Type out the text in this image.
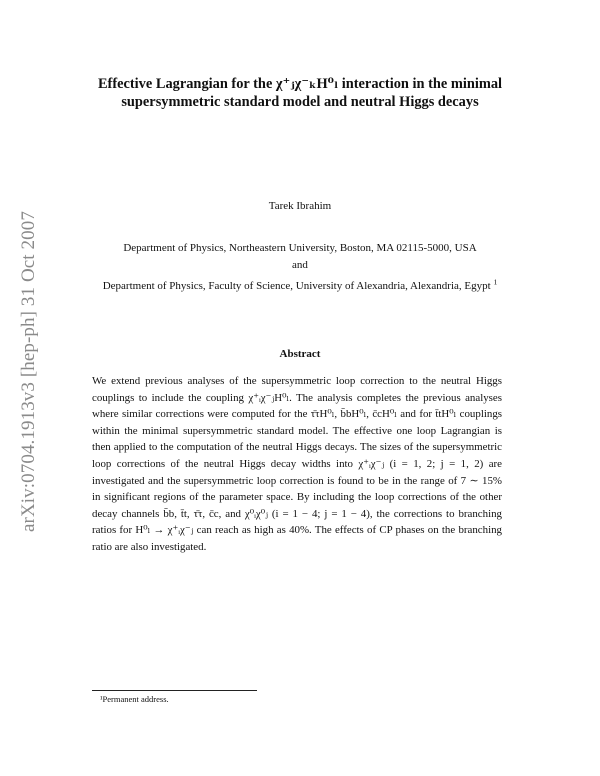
arXiv:0704.1913v3 [hep-ph] 31 Oct 2007
Effective Lagrangian for the χ⁺ⱼχ⁻ₖH⁰ₗ interaction in the minimal supersymmetric standard model and neutral Higgs decays
Tarek Ibrahim
Department of Physics, Northeastern University, Boston, MA 02115-5000, USA
and
Department of Physics, Faculty of Science, University of Alexandria, Alexandria, Egypt $^1$
Abstract
We extend previous analyses of the supersymmetric loop correction to the neutral Higgs couplings to include the coupling χ⁺ᵢχ⁻ⱼH⁰ₗ. The analysis completes the previous analyses where similar corrections were computed for the τ̄τH⁰ₗ, b̄bH⁰ₗ, c̄cH⁰ₗ and for t̄tH⁰ₗ couplings within the minimal supersymmetric standard model. The effective one loop Lagrangian is then applied to the computation of the neutral Higgs decays. The sizes of the supersymmetric loop corrections of the neutral Higgs decay widths into χ⁺ᵢχ⁻ⱼ (i = 1, 2; j = 1, 2) are investigated and the supersymmetric loop correction is found to be in the range of 7 ∼ 15% in significant regions of the parameter space. By including the loop corrections of the other decay channels b̄b, t̄t, τ̄τ, c̄c, and χ⁰ᵢχ⁰ⱼ (i = 1 − 4; j = 1 − 4), the corrections to branching ratios for H⁰ₗ → χ⁺ᵢχ⁻ⱼ can reach as high as 40%. The effects of CP phases on the branching ratio are also investigated.
¹Permanent address.
